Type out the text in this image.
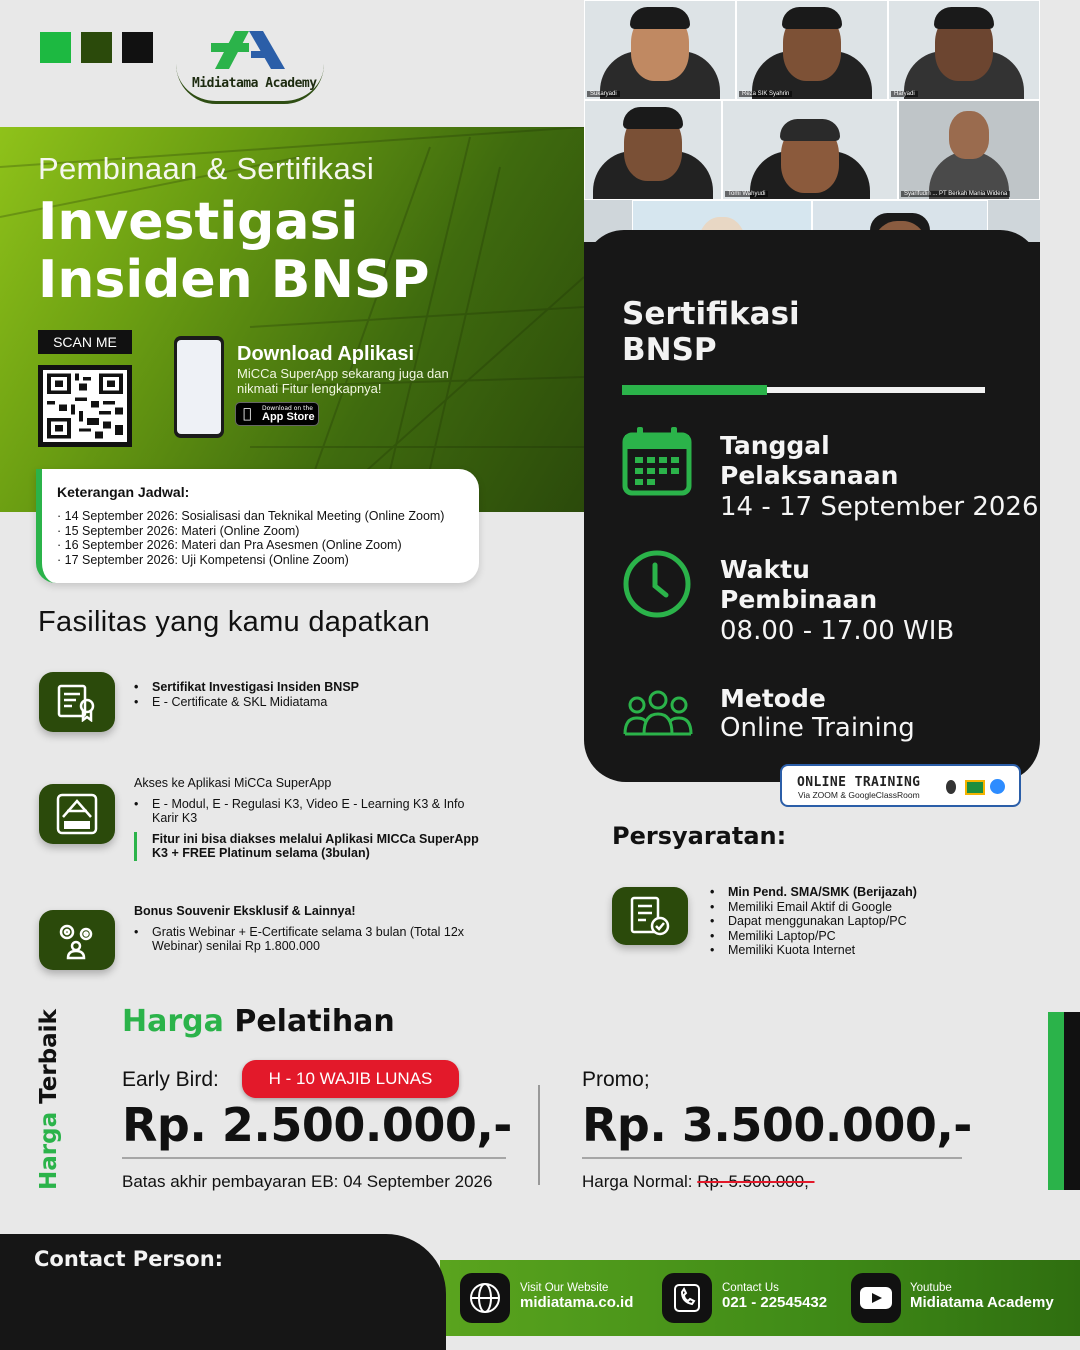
Midiatama Academy
Pembinaan & Sertifikasi
Investigasi
Insiden BNSP
SCAN ME
Download Aplikasi
MiCCa SuperApp sekarang juga dan nikmati Fitur lengkapnya!
Download on the
App Store
Keterangan Jadwal:
· 14 September 2026: Sosialisasi dan Teknikal Meeting (Online Zoom)
· 15 September 2026: Materi (Online Zoom)
· 16 September 2026: Materi dan Pra Asesmen (Online Zoom)
· 17 September 2026: Uji Kompetensi (Online Zoom)
Sukaryadi	Reza SIK Syahrin	Haryadi
Tomi Wahyudi	Syarifudin ... PT Berkah Mania Widena
Sertifikasi
BNSP
Tanggal
Pelaksanaan
14 - 17 September 2026
Waktu
Pembinaan
08.00 - 17.00 WIB
Metode
Online Training
ONLINE TRAINING
Via ZOOM & GoogleClassRoom
Fasilitas yang kamu dapatkan
• Sertifikat Investigasi Insiden BNSP
• E - Certificate & SKL Midiatama
Akses ke Aplikasi MiCCa SuperApp
• E - Modul, E - Regulasi K3, Video E - Learning K3 & Info Karir K3
Fitur ini bisa diakses melalui Aplikasi MICCa SuperApp K3 + FREE Platinum selama (3bulan)
Bonus Souvenir Eksklusif & Lainnya!
• Gratis Webinar + E-Certificate selama 3 bulan (Total 12x Webinar) senilai Rp 1.800.000
Persyaratan:
• Min Pend. SMA/SMK (Berijazah)
• Memiliki Email Aktif di Google
• Dapat menggunakan Laptop/PC
• Memiliki Laptop/PC
• Memiliki Kuota Internet
Harga Terbaik Harga Pelatihan
Early Bird:	H - 10 WAJIB LUNAS
Rp. 2.500.000,-
Batas akhir pembayaran EB: 04 September 2026
Promo;
Rp. 3.500.000,-
Harga Normal: Rp. 5.500.000,-
Contact Person:
Visit Our Website
midiatama.co.id
Contact Us
021 - 22545432
Youtube
Midiatama Academy
